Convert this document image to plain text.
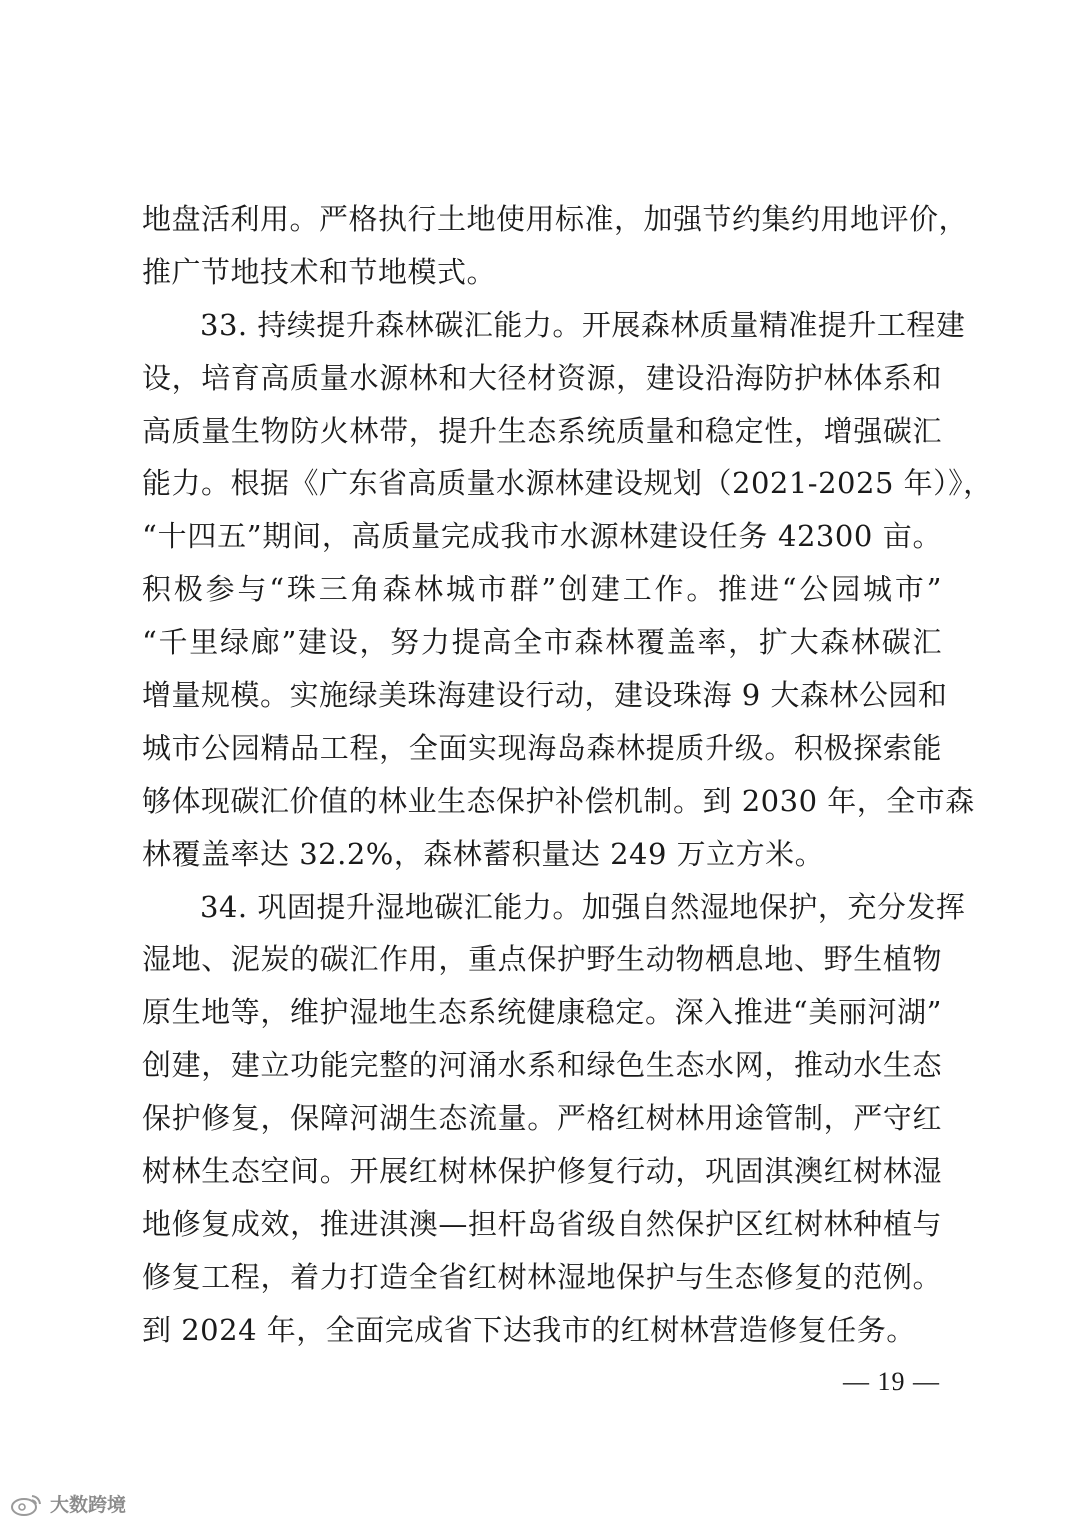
地盘活利用。严格执行土地使用标准，加强节约集约用地评价，
推广节地技术和节地模式。
33. 持续提升森林碳汇能力。开展森林质量精准提升工程建
设，培育高质量水源林和大径材资源，建设沿海防护林体系和
高质量生物防火林带，提升生态系统质量和稳定性，增强碳汇
能力。根据《广东省高质量水源林建设规划（2021-2025 年）》，
“十四五”期间，高质量完成我市水源林建设任务 42300 亩。
积极参与“珠三角森林城市群”创建工作。推进“公园城市”
“千里绿廊”建设，努力提高全市森林覆盖率，扩大森林碳汇
增量规模。实施绿美珠海建设行动，建设珠海 9 大森林公园和
城市公园精品工程，全面实现海岛森林提质升级。积极探索能
够体现碳汇价值的林业生态保护补偿机制。到 2030 年，全市森
林覆盖率达 32.2%，森林蓄积量达 249 万立方米。
34. 巩固提升湿地碳汇能力。加强自然湿地保护，充分发挥
湿地、泥炭的碳汇作用，重点保护野生动物栖息地、野生植物
原生地等，维护湿地生态系统健康稳定。深入推进“美丽河湖”
创建，建立功能完整的河涌水系和绿色生态水网，推动水生态
保护修复，保障河湖生态流量。严格红树林用途管制，严守红
树林生态空间。开展红树林保护修复行动，巩固淇澳红树林湿
地修复成效，推进淇澳—担杆岛省级自然保护区红树林种植与
修复工程，着力打造全省红树林湿地保护与生态修复的范例。
到 2024 年，全面完成省下达我市的红树林营造修复任务。
— 19 —
大数跨境
